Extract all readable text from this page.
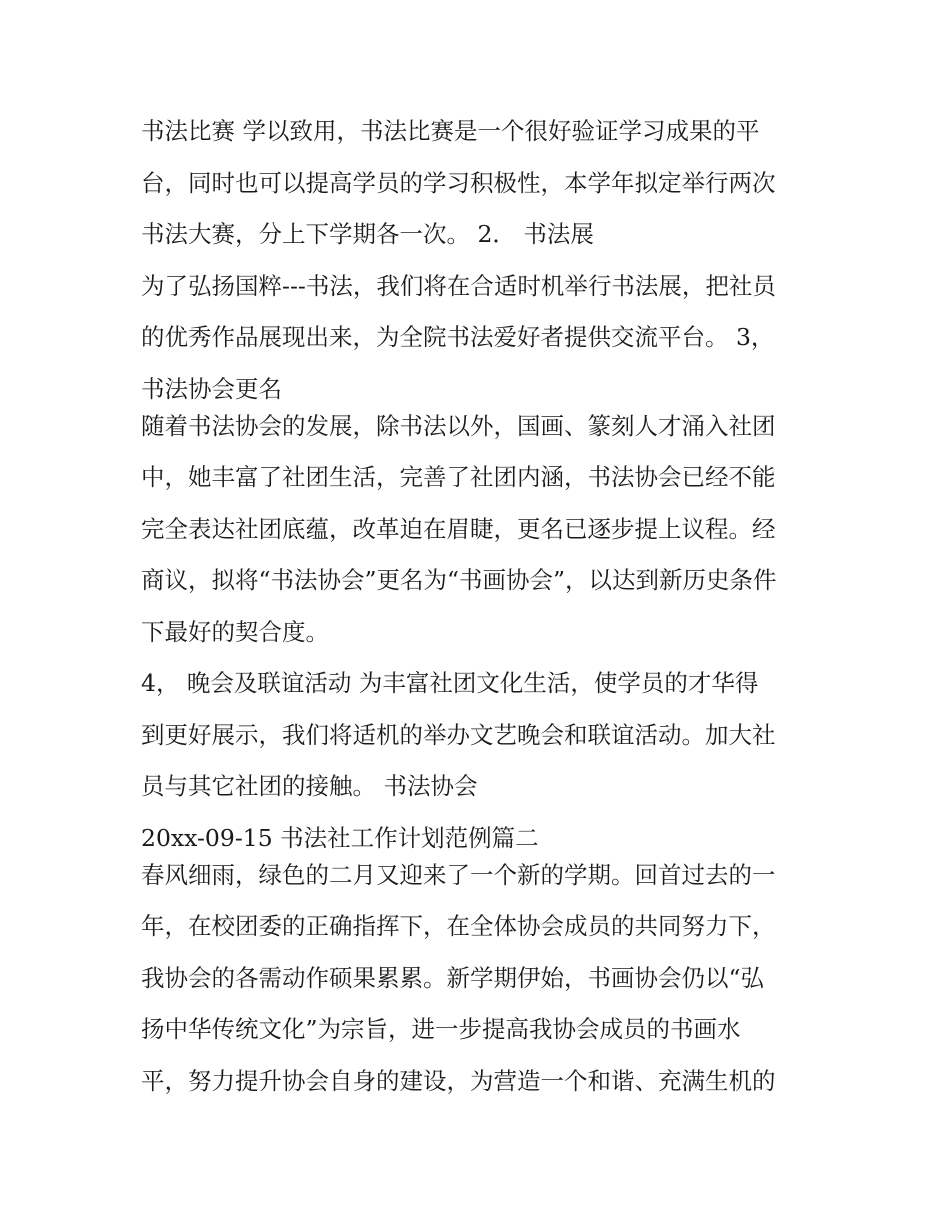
书法比赛 学以致用，书法比赛是一个很好验证学习成果的平
台，同时也可以提高学员的学习积极性，本学年拟定举行两次
书法大赛，分上下学期各一次。 2． 书法展
为了弘扬国粹---书法，我们将在合适时机举行书法展，把社员
的优秀作品展现出来，为全院书法爱好者提供交流平台。 3，
书法协会更名
随着书法协会的发展，除书法以外，国画、篆刻人才涌入社团
中，她丰富了社团生活，完善了社团内涵，书法协会已经不能
完全表达社团底蕴，改革迫在眉睫，更名已逐步提上议程。经
商议，拟将“书法协会”更名为“书画协会”，以达到新历史条件
下最好的契合度。
4， 晚会及联谊活动 为丰富社团文化生活，使学员的才华得
到更好展示，我们将适机的举办文艺晚会和联谊活动。加大社
员与其它社团的接触。 书法协会
20xx-09-15 书法社工作计划范例篇二
春风细雨，绿色的二月又迎来了一个新的学期。回首过去的一
年，在校团委的正确指挥下，在全体协会成员的共同努力下，
我协会的各需动作硕果累累。新学期伊始，书画协会仍以“弘
扬中华传统文化”为宗旨，进一步提高我协会成员的书画水
平，努力提升协会自身的建设，为营造一个和谐、充满生机的
